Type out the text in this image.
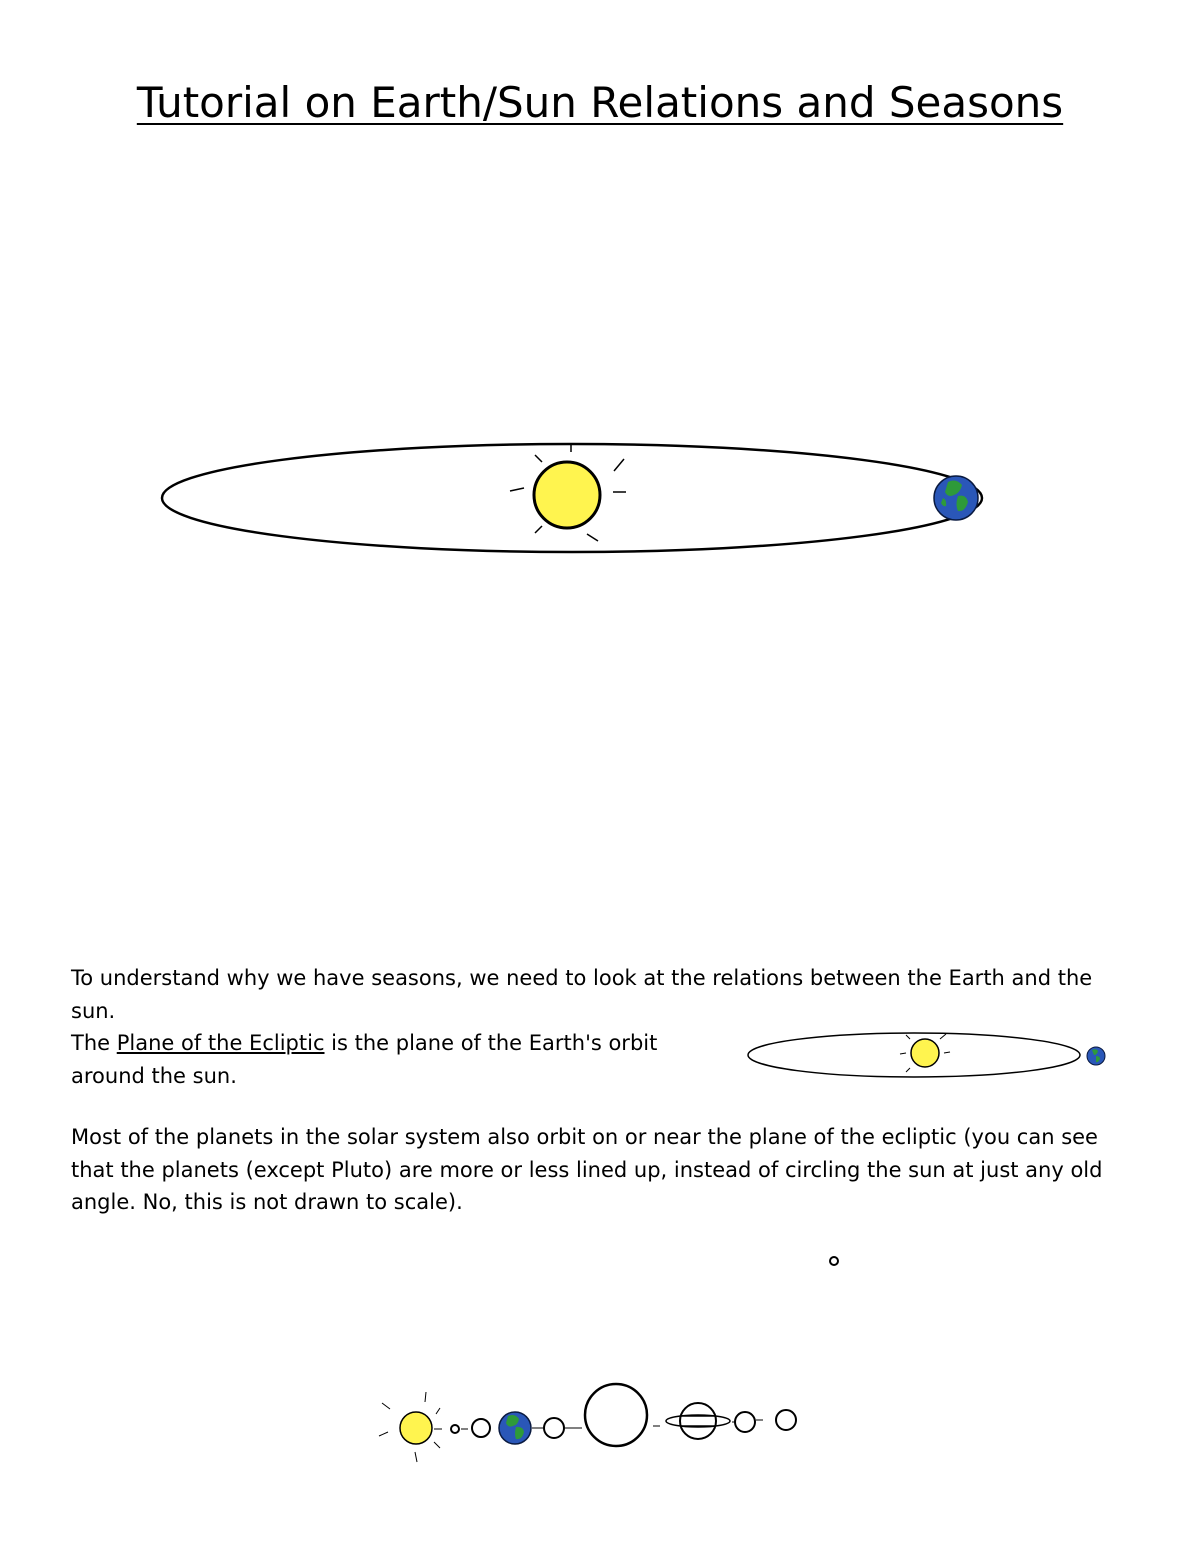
Tutorial on Earth/Sun Relations and Seasons
To understand why we have seasons, we need to look at the relations between the Earth and the sun.
The Plane of the Ecliptic is the plane of the Earth's orbit around the sun.
Most of the planets in the solar system also orbit on or near the plane of the ecliptic (you can see that the planets (except Pluto) are more or less lined up, instead of circling the sun at just any old angle. No, this is not drawn to scale).
